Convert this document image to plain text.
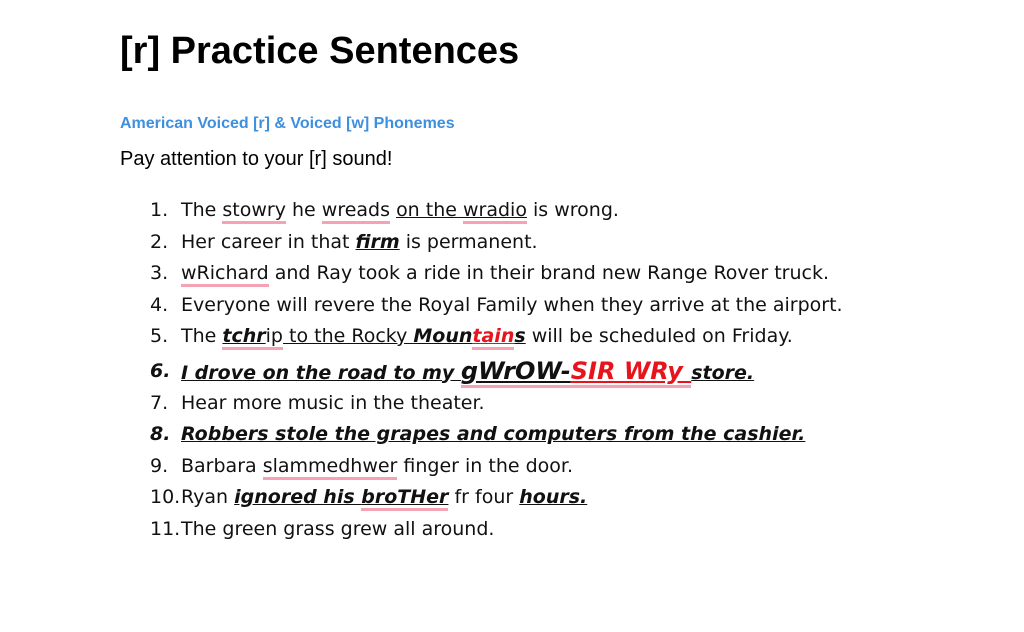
[r] Practice Sentences
American Voiced [r] & Voiced [w] Phonemes
Pay attention to your [r] sound!
1. The stowry he wreads on the wradio is wrong.
2. Her career in that firm is permanent.
3. wRichard and Ray took a ride in their brand new Range Rover truck.
4. Everyone will revere the Royal Family when they arrive at the airport.
5. The tchrip to the Rocky Mountains will be scheduled on Friday.
6. I drove on the road to my gWrOW-SIR WRy store.
7. Hear more music in the theater.
8. Robbers stole the grapes and computers from the cashier.
9. Barbara slammedhwer finger in the door.
10. Ryan ignored his broTHer fr four hours.
11. The green grass grew all around.
